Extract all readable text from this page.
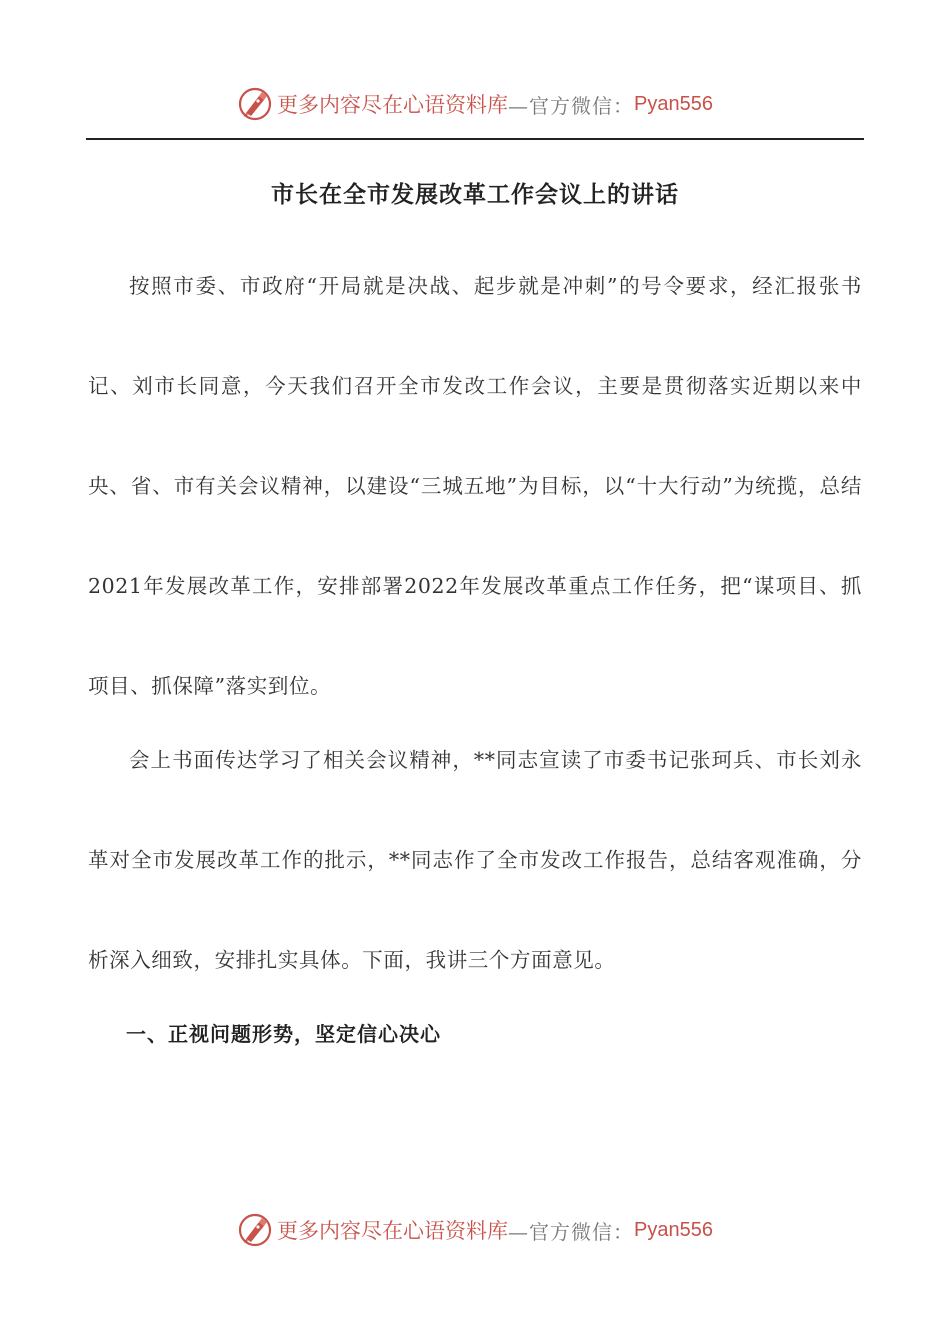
更多内容尽在心语资料库 —官方微信： Pyan556
市长在全市发展改革工作会议上的讲话

按照市委、市政府“开局就是决战、起步就是冲刺”的号令要求，经汇报张书记、刘市长同意，今天我们召开全市发改工作会议，主要是贯彻落实近期以来中央、省、市有关会议精神，以建设“三城五地”为目标，以“十大行动”为统揽，总结2021年发展改革工作，安排部署2022年发展改革重点工作任务，把“谋项目、抓项目、抓保障”落实到位。

会上书面传达学习了相关会议精神，**同志宣读了市委书记张珂兵、市长刘永革对全市发展改革工作的批示，**同志作了全市发改工作报告，总结客观准确，分析深入细致，安排扎实具体。下面，我讲三个方面意见。

一、正视问题形势，坚定信心决心
更多内容尽在心语资料库 —官方微信： Pyan556
